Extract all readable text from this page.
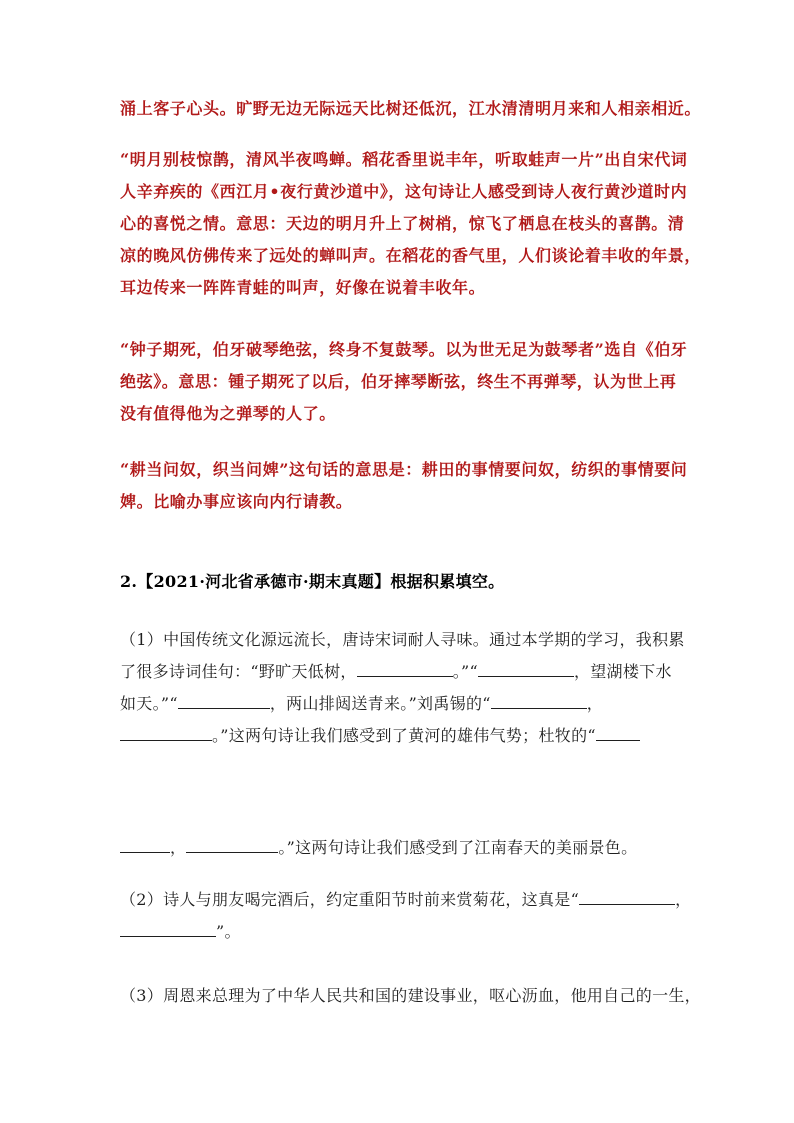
涌上客子心头。旷野无边无际远天比树还低沉，江水清清明月来和人相亲相近。
“明月别枝惊鹊，清风半夜鸣蝉。稻花香里说丰年，听取蛙声一片”出自宋代词
人辛弃疾的《西江月•夜行黄沙道中》，这句诗让人感受到诗人夜行黄沙道时内
心的喜悦之情。意思：天边的明月升上了树梢，惊飞了栖息在枝头的喜鹊。清
凉的晚风仿佛传来了远处的蝉叫声。在稻花的香气里，人们谈论着丰收的年景，
耳边传来一阵阵青蛙的叫声，好像在说着丰收年。
“钟子期死，伯牙破琴绝弦，终身不复鼓琴。以为世无足为鼓琴者”选自《伯牙
绝弦》。意思：锺子期死了以后，伯牙摔琴断弦，终生不再弹琴，认为世上再
没有值得他为之弹琴的人了。
“耕当问奴，织当问婢”这句话的意思是：耕田的事情要问奴，纺织的事情要问
婢。比喻办事应该向内行请教。
2.【2021·河北省承德市·期末真题】根据积累填空。
（1）中国传统文化源远流长，唐诗宋词耐人寻味。通过本学期的学习，我积累
了很多诗词佳句：“野旷天低树，	。”“	，望湖楼下水
如天。”“	，两山排闼送青来。”刘禹锡的“	，
。”这两句诗让我们感受到了黄河的雄伟气势；杜牧的“
，	。”这两句诗让我们感受到了江南春天的美丽景色。
（2）诗人与朋友喝完酒后，约定重阳节时前来赏菊花，这真是“	，
”。
（3）周恩来总理为了中华人民共和国的建设事业，呕心沥血，他用自己的一生，
